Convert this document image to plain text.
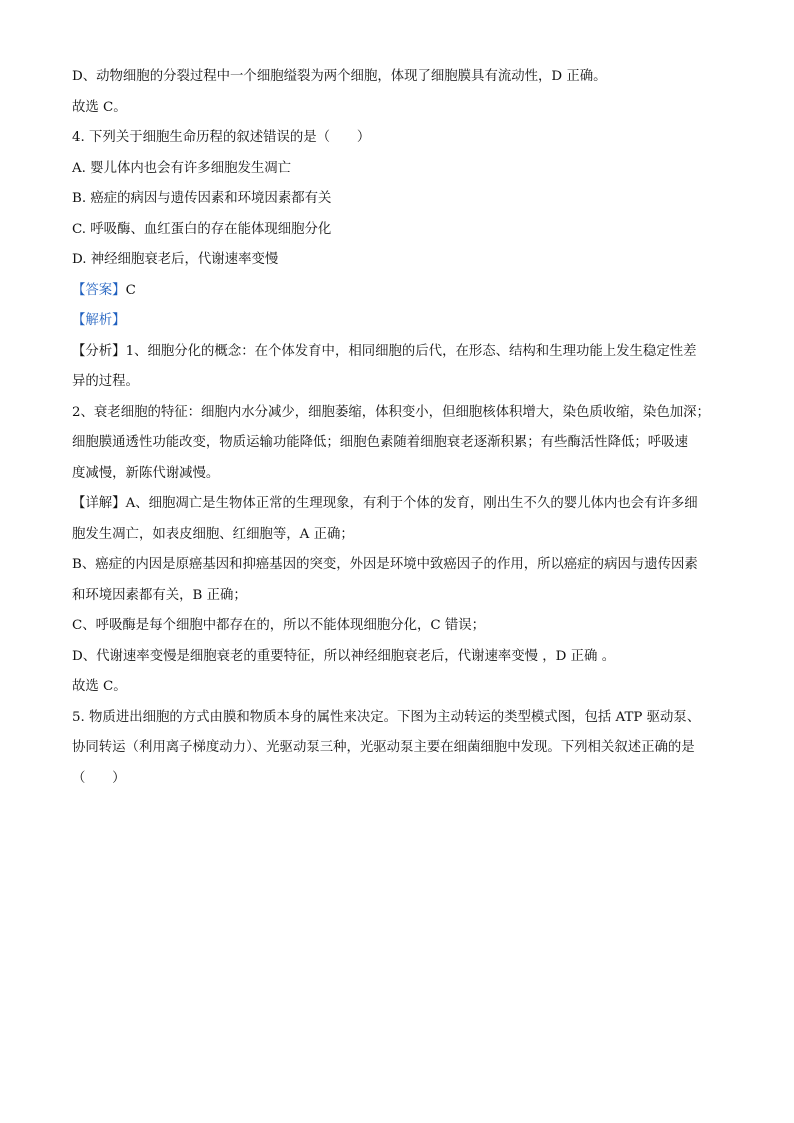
D、动物细胞的分裂过程中一个细胞缢裂为两个细胞，体现了细胞膜具有流动性，D 正确。

故选 C。

4. 下列关于细胞生命历程的叙述错误的是（　　）

A. 婴儿体内也会有许多细胞发生凋亡

B. 癌症的病因与遗传因素和环境因素都有关

C. 呼吸酶、血红蛋白的存在能体现细胞分化

D. 神经细胞衰老后，代谢速率变慢

【答案】C

【解析】

【分析】1、细胞分化的概念：在个体发育中，相同细胞的后代，在形态、结构和生理功能上发生稳定性差

异的过程。

2、衰老细胞的特征：细胞内水分减少，细胞萎缩，体积变小，但细胞核体积增大，染色质收缩，染色加深；

细胞膜通透性功能改变，物质运输功能降低；细胞色素随着细胞衰老逐渐积累；有些酶活性降低；呼吸速

度减慢，新陈代谢减慢。

【详解】A、细胞凋亡是生物体正常的生理现象，有利于个体的发育，刚出生不久的婴儿体内也会有许多细

胞发生凋亡，如表皮细胞、红细胞等，A 正确；

B、癌症的内因是原癌基因和抑癌基因的突变，外因是环境中致癌因子的作用，所以癌症的病因与遗传因素

和环境因素都有关，B 正确；

C、呼吸酶是每个细胞中都存在的，所以不能体现细胞分化，C 错误；

D、代谢速率变慢是细胞衰老的重要特征，所以神经细胞衰老后，代谢速率变慢 ，D 正确 。

故选 C。

5. 物质进出细胞的方式由膜和物质本身的属性来决定。下图为主动转运的类型模式图，包括 ATP 驱动泵、

协同转运（利用离子梯度动力）、光驱动泵三种，光驱动泵主要在细菌细胞中发现。下列相关叙述正确的是

（　　）
